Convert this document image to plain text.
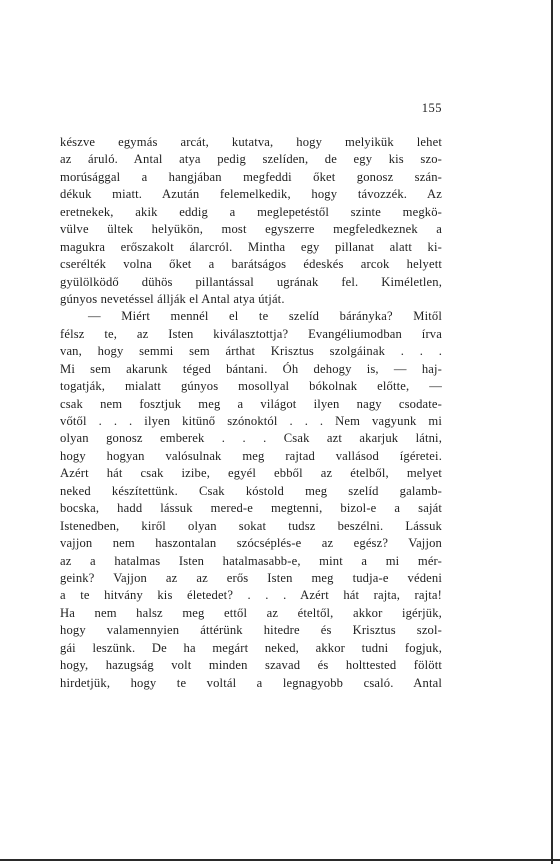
155
készve egymás arcát, kutatva, hogy melyikük lehet
az áruló. Antal atya pedig szelíden, de egy kis szo-
morúsággal a hangjában megfeddi őket gonosz szán-
dékuk miatt. Azután felemelkedik, hogy távozzék. Az
eretnekek, akik eddig a meglepetéstől szinte megkö-
vülve ültek helyükön, most egyszerre megfeledkeznek a
magukra erőszakolt álarcról. Mintha egy pillanat alatt ki-
cserélték volna őket a barátságos édeskés arcok helyett
gyülölködő dühös pillantással ugrának fel. Kiméletlen,
gúnyos nevetéssel állják el Antal atya útját.
— Miért mennél el te szelíd bárányka? Mitől
félsz te, az Isten kiválasztottja? Evangéliumodban írva
van, hogy semmi sem árthat Krisztus szolgáinak . . .
Mi sem akarunk téged bántani. Óh dehogy is, — haj-
togatják, mialatt gúnyos mosollyal bókolnak előtte, —
csak nem fosztjuk meg a világot ilyen nagy csodate-
vőtől . . . ilyen kitünő szónoktól . . . Nem vagyunk mi
olyan gonosz emberek . . . Csak azt akarjuk látni,
hogy hogyan valósulnak meg rajtad vallásod ígéretei.
Azért hát csak izibe, egyél ebből az ételből, melyet
neked készítettünk. Csak kóstold meg szelíd galamb-
bocska, hadd lássuk mered-e megtenni, bizol-e a saját
Istenedben, kiről olyan sokat tudsz beszélni. Lássuk
vajjon nem haszontalan szócséplés-e az egész? Vajjon
az a hatalmas Isten hatalmasabb-e, mint a mi mér-
geink? Vajjon az az erős Isten meg tudja-e védeni
a te hitvány kis életedet? . . . Azért hát rajta, rajta!
Ha nem halsz meg ettől az ételtől, akkor igérjük,
hogy valamennyien áttérünk hitedre és Krisztus szol-
gái leszünk. De ha megárt neked, akkor tudni fogjuk,
hogy, hazugság volt minden szavad és holttested fölött
hirdetjük, hogy te voltál a legnagyobb csaló. Antal
